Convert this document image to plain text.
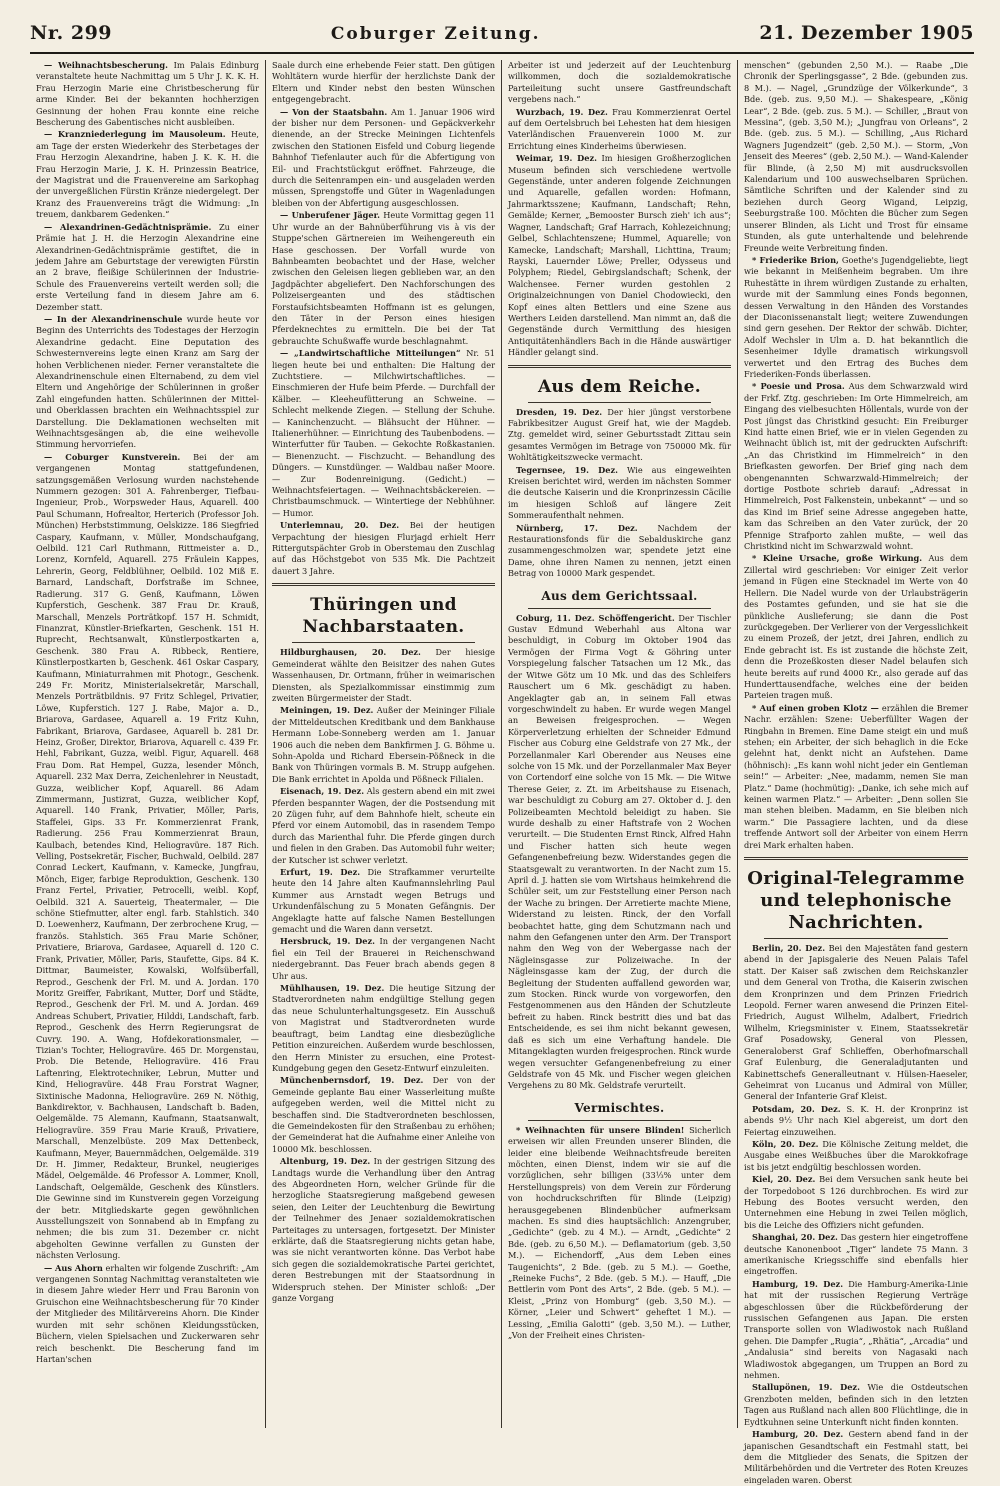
Nr. 299	Coburger Zeitung.	21. Dezember 1905

— Weihnachtsbescherung. Im Palais Edinburg veranstaltete heute Nachmittag um 5 Uhr J. K. K. H. Frau Herzogin Marie eine Christbescherung für arme Kinder. Bei der bekannten hochherzigen Gesinnung der hohen Frau konnte eine reiche Bescherung des Gabentisches nicht ausbleiben.

— Kranzniederlegung im Mausoleum. Heute, am Tage der ersten Wiederkehr des Sterbetages der Frau Herzogin Alexandrine, haben J. K. K. H. die Frau Herzogin Marie, J. K. H. Prinzessin Beatrice, der Magistrat und die Frauenvereine am Sarkophag der unvergeßlichen Fürstin Kränze niedergelegt. Der Kranz des Frauenvereins trägt die Widmung: „In treuem, dankbarem Gedenken.“

— Alexandrinen-Gedächtnisprämie. Zu einer Prämie hat J. H. die Herzogin Alexandrine eine Alexandrinen-Gedächtnisprämie gestiftet, die in jedem Jahre am Geburtstage der verewigten Fürstin an 2 brave, fleißige Schülerinnen der Industrie-Schule des Frauenvereins verteilt werden soll; die erste Verteilung fand in diesem Jahre am 6. Dezember statt.

— In der Alexandrinenschule wurde heute vor Beginn des Unterrichts des Todestages der Herzogin Alexandrine gedacht. Eine Deputation des Schwesternvereins legte einen Kranz am Sarg der hohen Verblichenen nieder. Ferner veranstaltete die Alexandrinenschule einen Elternabend, zu dem viel Eltern und Angehörige der Schülerinnen in großer Zahl eingefunden hatten. Schülerinnen der Mittel- und Oberklassen brachten ein Weihnachtsspiel zur Darstellung. Die Deklamationen wechselten mit Weihnachtsgesängen ab, die eine weihevolle Stimmung hervorriefen.

— Coburger Kunstverein. Bei der am vergangenen Montag stattgefundenen, satzungsgemäßen Verlosung wurden nachstehende Nummern gezogen: 301 A. Fahrenberger, Tiefbau-Ingenieur, Prob., Worpsweder Haus, Aquarell. 400 Paul Schumann, Hofrealtor, Herterich (Professor Joh. München) Herbststimmung, Oelskizze. 186 Siegfried Caspary, Kaufmann, v. Müller, Mondschaufgang, Oelbild. 121 Carl Ruthmann, Rittmeister a. D., Lorenz, Kornfeld, Aquarell. 275 Fräulein Kappes, Lehrerin, Georg, Feldblühner, Oelbild. 102 Miß E. Barnard, Landschaft, Dorfstraße im Schnee, Radierung. 317 G. Genß, Kaufmann, Löwen Kupferstich, Geschenk. 387 Frau Dr. Krauß, Marschall, Menzels Porträtkopf. 157 H. Schmidt, Finanzrat, Künstler-Briefkarten, Geschenk. 151 H. Ruprecht, Rechtsanwalt, Künstlerpostkarten a, Geschenk. 380 Frau A. Ribbeck, Rentiere, Künstlerpostkarten b, Geschenk. 461 Oskar Caspary, Kaufmann, Miniaturrahmen mit Photogr., Geschenk. 249 Fr. Moritz, Ministerialsekretär, Marschall, Menzels Porträtbildnis. 97 Fritz Schlegel, Privatier, Löwe, Kupferstich. 127 J. Rabe, Major a. D., Briarova, Gardasee, Aquarell a. 19 Fritz Kuhn, Fabrikant, Briarova, Gardasee, Aquarell b. 281 Dr. Heinz, Großer, Direktor, Briarova, Aquarell c. 439 Fr. Hehl, Fabrikant, Guzza, weibl. Figur, Aquarell. 468 Frau Dom. Rat Hempel, Guzza, lesender Mönch, Aquarell. 232 Max Derra, Zeichenlehrer in Neustadt, Guzza, weiblicher Kopf, Aquarell. 86 Adam Zimmermann, Justizrat, Guzza, weiblicher Kopf, Aquarell. 140 Frank, Privatier, Möller, Paris, Staffelei, Gips. 33 Fr. Kommerzienrat Frank, Radierung. 256 Frau Kommerzienrat Braun, Kaulbach, betendes Kind, Heliogravüre. 187 Rich. Velling, Postsekretär, Fischer, Buchwald, Oelbild. 287 Conrad Leckert, Kaufmann, v. Kamecke, Jungfrau, Mönch, Eiger, farbige Reproduktion, Geschenk. 130 Franz Fertel, Privatier, Petrocelli, weibl. Kopf, Oelbild. 321 A. Sauerteig, Theatermaler, — Die schöne Stiefmutter, alter engl. farb. Stahlstich. 340 D. Loewenherz, Kaufmann, Der zerbrochene Krug, — französ. Stahlstich. 365 Frau Marie Schöner, Privatiere, Briarova, Gardasee, Aquarell d. 120 C. Frank, Privatier, Möller, Paris, Staufette, Gips. 84 K. Dittmar, Baumeister, Kowalski, Wolfsüberfall, Reprod., Geschenk der Frl. M. und A. Jordan. 170 Moritz Greiffer, Fabrikant, Mutter, Dorf und Städte, Reprod., Geschenk der Frl. M. und A. Jordan. 469 Andreas Schubert, Privatier, Hilddi, Landschaft, farb. Reprod., Geschenk des Herrn Regierungsrat de Cuvry. 190. A. Wang, Hofdekorationsmaler, — Tizian's Tochter, Heliogravüre. 465 Dr. Morgenstau, Prob. Die Betende, Heliogravüre. 416 Frau Laftenring, Elektrotechniker, Lebrun, Mutter und Kind, Heliogravüre. 448 Frau Forstrat Wagner, Sixtinische Madonna, Heliogravüre. 269 N. Nöthig, Bankdirektor, v. Bachhausen, Landschaft b. Baden, Oelgemälde. 75 Alemann, Kaufmann, Staatsanwalt, Heliogravüre. 359 Frau Marie Krauß, Privatiere, Marschall, Menzelbüste. 209 Max Dettenbeck, Kaufmann, Meyer, Bauernmädchen, Oelgemälde. 319 Dr. H. Jimmer, Redakteur, Brunkel, neugieriges Mädel, Oelgemälde. 46 Professor A. Lommer, Knoll, Landschaft, Oelgemälde, Geschenk des Künstlers. Die Gewinne sind im Kunstverein gegen Vorzeigung der betr. Mitgliedskarte gegen gewöhnlichen Ausstellungszeit von Sonnabend ab in Empfang zu nehmen; die bis zum 31. Dezember cr. nicht abgeholten Gewinne verfallen zu Gunsten der nächsten Verlosung.

— Aus Ahorn erhalten wir folgende Zuschrift: „Am vergangenen Sonntag Nachmittag veranstalteten wie in diesem Jahre wieder Herr und Frau Baronin von Gruischon eine Weihnachtsbescherung für 70 Kinder der Mitglieder des Militärvereins Ahorn. Die Kinder wurden mit sehr schönen Kleidungsstücken, Büchern, vielen Spielsachen und Zuckerwaren sehr reich beschenkt. Die Bescherung fand im Hartan'schen

Saale durch eine erhebende Feier statt. Den gütigen Wohltätern wurde hierfür der herzlichste Dank der Eltern und Kinder nebst den besten Wünschen entgegengebracht.

— Von der Staatsbahn. Am 1. Januar 1906 wird der bisher nur dem Personen- und Gepäckverkehr dienende, an der Strecke Meiningen Lichtenfels zwischen den Stationen Eisfeld und Coburg liegende Bahnhof Tiefenlauter auch für die Abfertigung von Eil- und Frachtstückgut eröffnet. Fahrzeuge, die durch die Seitenrampen ein- und ausgeladen werden müssen, Sprengstoffe und Güter in Wagenladungen bleiben von der Abfertigung ausgeschlossen.

— Unberufener Jäger. Heute Vormittag gegen 11 Uhr wurde an der Bahnüberführung vis à vis der Stuppe'schen Gärtnereien im Weihengereuth ein Hase geschossen. Der Vorfall wurde von Bahnbeamten beobachtet und der Hase, welcher zwischen den Geleisen liegen geblieben war, an den Jagdpächter abgeliefert. Den Nachforschungen des Polizeisergeanten und des städtischen Forstaufsichtsbeamten Hoffmann ist es gelungen, den Täter in der Person eines hiesigen Pferdeknechtes zu ermitteln. Die bei der Tat gebrauchte Schußwaffe wurde beschlagnahmt.

— „Landwirtschaftliche Mitteilungen“ Nr. 51 liegen heute bei und enthalten: Die Haltung der Zuchtstiere. — Milchwirtschaftliches. — Einschmieren der Hufe beim Pferde. — Durchfall der Kälber. — Kleeheufütterung an Schweine. — Schlecht melkende Ziegen. — Stellung der Schuhe. — Kaninchenzucht. — Blähsucht der Hühner. — Italienerhühner. — Einrichtung des Taubenbodens. — Winterfutter für Tauben. — Gekochte Roßkastanien. — Bienenzucht. — Fischzucht. — Behandlung des Düngers. — Kunstdünger. — Waldbau naßer Moore. — Zur Bodenreinigung. (Gedicht.) — Weihnachtsfeiertagen. — Weihnachtsbäckereien. — Christbaumschmuck. — Wintertiege der Nebhühner. — Humor.

Unterlemnau, 20. Dez. Bei der heutigen Verpachtung der hiesigen Flurjagd erhielt Herr Rittergutspächter Grob in Oberstemau den Zuschlag auf das Höchstgebot von 535 Mk. Die Pachtzeit dauert 3 Jahre.

Thüringen und Nachbarstaaten.

Hildburghausen, 20. Dez. Der hiesige Gemeinderat wählte den Beisitzer des nahen Gutes Wassenhausen, Dr. Ortmann, früher in weimarischen Diensten, als Spezialkommissar einstimmig zum zweiten Bürgermeister der Stadt.

Meiningen, 19. Dez. Außer der Meininger Filiale der Mitteldeutschen Kreditbank und dem Bankhause Hermann Lobe-Sonneberg werden am 1. Januar 1906 auch die neben dem Bankfirmen J. G. Böhme u. Sohn-Apolda und Richard Ebersein-Pößneck in die Bank von Thüringen vormals B. M. Strupp aufgehen. Die Bank errichtet in Apolda und Pößneck Filialen.

Eisenach, 19. Dez. Als gestern abend ein mit zwei Pferden bespannter Wagen, der die Postsendung mit 20 Zügen fuhr, auf dem Bahnhofe hielt, scheute ein Pferd vor einem Automobil, das in rasendem Tempo durch das Marienthal fuhr. Die Pferde gingen durch und fielen in den Graben. Das Automobil fuhr weiter; der Kutscher ist schwer verletzt.

Erfurt, 19. Dez. Die Strafkammer verurteilte heute den 14 Jahre alten Kaufmannslehrling Paul Kummer aus Arnstadt wegen Betrugs und Urkundenfälschung zu 5 Monaten Gefängnis. Der Angeklagte hatte auf falsche Namen Bestellungen gemacht und die Waren dann versetzt.

Hersbruck, 19. Dez. In der vergangenen Nacht fiel ein Teil der Brauerei in Reichenschwand niedergebrannt. Das Feuer brach abends gegen 8 Uhr aus.

Mühlhausen, 19. Dez. Die heutige Sitzung der Stadtverordneten nahm endgültige Stellung gegen das neue Schulunterhaltungsgesetz. Ein Ausschuß von Magistrat und Stadtverordneten wurde beauftragt, beim Landtag eine diesbezügliche Petition einzureichen. Außerdem wurde beschlossen, den Herrn Minister zu ersuchen, eine Protest-Kundgebung gegen den Gesetz-Entwurf einzuleiten.

Münchenbernsdorf, 19. Dez. Der von der Gemeinde geplante Bau einer Wasserleitung mußte aufgegeben werden, weil die Mittel nicht zu beschaffen sind. Die Stadtverordneten beschlossen, die Gemeindekosten für den Straßenbau zu erhöhen; der Gemeinderat hat die Aufnahme einer Anleihe von 10000 Mk. beschlossen.

Altenburg, 19. Dez. In der gestrigen Sitzung des Landtags wurde die Verhandlung über den Antrag des Abgeordneten Horn, welcher Gründe für die herzogliche Staatsregierung maßgebend gewesen seien, den Leiter der Leuchtenburg die Bewirtung der Teilnehmer des Jenaer sozialdemokratischen Parteitages zu untersagen, fortgesetzt. Der Minister erklärte, daß die Staatsregierung nichts getan habe, was sie nicht verantworten könne. Das Verbot habe sich gegen die sozialdemokratische Partei gerichtet, deren Bestrebungen mit der Staatsordnung in Widerspruch stehen. Der Minister schloß: „Der ganze Vorgang

Arbeiter ist und jederzeit auf der Leuchtenburg willkommen, doch die sozialdemokratische Parteileitung sucht unsere Gastfreundschaft vergebens nach.“

Wurzbach, 19. Dez. Frau Kommerzienrat Oertel auf dem Oertelsbruch bei Lehesten hat dem hiesigen Vaterländischen Frauenverein 1000 M. zur Errichtung eines Kinderheims überwiesen.

Weimar, 19. Dez. Im hiesigen Großherzoglichen Museum befinden sich verschiedene wertvolle Gegenstände, unter anderen folgende Zeichnungen und Aquarelle, gefallen worden: Hofmann, Jahrmarktsszene; Kaufmann, Landschaft; Rehn, Gemälde; Kerner, „Bemooster Bursch zieh' ich aus“; Wagner, Landschaft; Graf Harrach, Kohlezeichnung; Gelbel, Schlachtenszene; Hummel, Aquarelle; von Kamecke, Landschaft; Marshall, Lichttina, Traum; Rayski, Lauernder Löwe; Preller, Odysseus und Polyphem; Riedel, Gebirgslandschaft; Schenk, der Walchensee. Ferner wurden gestohlen 2 Originalzeichnungen von Daniel Chodowiecki, den Kopf eines alten Bettlers und eine Szene aus Werthers Leiden darstellend. Man nimmt an, daß die Gegenstände durch Vermittlung des hiesigen Antiquitätenhändlers Bach in die Hände auswärtiger Händler gelangt sind.

Aus dem Reiche.

Dresden, 19. Dez. Der hier jüngst verstorbene Fabrikbesitzer August Greif hat, wie der Magdeb. Ztg. gemeldet wird, seiner Geburtsstadt Zittau sein gesamtes Vermögen im Betrage von 750000 Mk. für Wohltätigkeitszwecke vermacht.

Tegernsee, 19. Dez. Wie aus eingeweihten Kreisen berichtet wird, werden im nächsten Sommer die deutsche Kaiserin und die Kronprinzessin Cäcilie im hiesigen Schloß auf längere Zeit Sommeraufenthalt nehmen.

Nürnberg, 17. Dez. Nachdem der Restaurationsfonds für die Sebalduskirche ganz zusammengeschmolzen war, spendete jetzt eine Dame, ohne ihren Namen zu nennen, jetzt einen Betrag von 10000 Mark gespendet.

Aus dem Gerichtssaal.

Coburg, 11. Dez. Schöffengericht. Der Tischler Gustav Edmund Weberhahl aus Altona war beschuldigt, in Coburg im Oktober 1904 das Vermögen der Firma Vogt & Göhring unter Vorspiegelung falscher Tatsachen um 12 Mk., das der Witwe Götz um 10 Mk. und das des Schleifers Rauschert um 6 Mk. geschädigt zu haben. Angeklagter gab an, in seinem Fall etwas vorgeschwindelt zu haben. Er wurde wegen Mangel an Beweisen freigesprochen. — Wegen Körperverletzung erhielten der Schneider Edmund Fischer aus Coburg eine Geldstrafe von 27 Mk., der Porzellanmaler Karl Oberender aus Neuses eine solche von 15 Mk. und der Porzellanmaler Max Beyer von Cortendorf eine solche von 15 Mk. — Die Witwe Therese Geier, z. Zt. im Arbeitshause zu Eisenach, war beschuldigt zu Coburg am 27. Oktober d. J. den Polizeibeamten Mechtold beleidigt zu haben. Sie wurde deshalb zu einer Haftstrafe von 2 Wochen verurteilt. — Die Studenten Ernst Rinck, Alfred Hahn und Fischer hatten sich heute wegen Gefangenenbefreiung bezw. Widerstandes gegen die Staatsgewalt zu verantworten. In der Nacht zum 15. April d. J. hatten sie vom Wirtshaus heimkehrend die Schüler seit, um zur Feststellung einer Person nach der Wache zu bringen. Der Arretierte machte Miene, Widerstand zu leisten. Rinck, der den Vorfall beobachtet hatte, ging dem Schutzmann nach und nahm den Gefangenen unter den Arm. Der Transport nahm den Weg von der Webergasse nach der Nägleinsgasse zur Polizeiwache. In der Nägleinsgasse kam der Zug, der durch die Begleitung der Studenten auffallend geworden war, zum Stocken. Rinck wurde von vorgeworfen, den Festgenommenen aus den Händen der Schutzleute befreit zu haben. Rinck bestritt dies und bat das Entscheidende, es sei ihm nicht bekannt gewesen, daß es sich um eine Verhaftung handele. Die Mitangeklagten wurden freigesprochen. Rinck wurde wegen versuchter Gefangenenbefreiung zu einer Geldstrafe von 45 Mk. und Fischer wegen gleichen Vergehens zu 80 Mk. Geldstrafe verurteilt.

Vermischtes.

* Weihnachten für unsere Blinden! Sicherlich erweisen wir allen Freunden unserer Blinden, die leider eine bleibende Weihnachtsfreude bereiten möchten, einen Dienst, indem wir sie auf die vorzüglichen, sehr billigen (33⅓% unter dem Herstellungspreis) von dem Verein zur Förderung von hochdruckschriften für Blinde (Leipzig) herausgegebenen Blindenbücher aufmerksam machen. Es sind dies hauptsächlich: Anzengruber, „Gedichte“ (geb. zu 4 M.). — Arndt, „Gedichte“ 2 Bde. (geb. zu 6,50 M.). — Deflamatorium (geb. 3,50 M.). — Eichendorff, „Aus dem Leben eines Taugenichts“, 2 Bde. (geb. zu 5 M.). — Goethe, „Reineke Fuchs“, 2 Bde. (geb. 5 M.). — Hauff, „Die Bettlerin vom Pont des Arts“, 2 Bde. (geb. 5 M.). — Kleist, „Prinz von Homburg“ (geb. 3,50 M.). — Körner, „Leier und Schwert“ geheftet 1 M.). — Lessing, „Emilia Galotti“ (geb. 3,50 M.). — Luther, „Von der Freiheit eines Christen-

menschen“ (gebunden 2,50 M.). — Raabe „Die Chronik der Sperlingsgasse“, 2 Bde. (gebunden zus. 8 M.). — Nagel, „Grundzüge der Völkerkunde“, 3 Bde. (geb. zus. 9,50 M.). — Shakespeare, „König Lear“, 2 Bde. (geb. zus. 5 M.). — Schiller, „Braut von Messina“, (geb. 3,50 M.); „Jungfrau von Orleans“, 2 Bde. (geb. zus. 5 M.). — Schilling, „Aus Richard Wagners Jugendzeit“ (geb. 2,50 M.). — Storm, „Von Jenseit des Meeres“ (geb. 2,50 M.). — Wand-Kalender für Blinde, (à 2,50 M) mit ausdrucksvollen Kalendarium und 100 auswechselbaren Sprüchen. Sämtliche Schriften und der Kalender sind zu beziehen durch Georg Wigand, Leipzig, Seeburgstraße 100. Möchten die Bücher zum Segen unserer Blinden, als Licht und Trost für einsame Stunden, als gute unterhaltende und belehrende Freunde weite Verbreitung finden.

* Friederike Brion, Goethe's Jugendgeliebte, liegt wie bekannt in Meißenheim begraben. Um ihre Ruhestätte in ihrem würdigen Zustande zu erhalten, wurde mit der Sammlung eines Fonds begonnen, dessen Verwaltung in den Händen des Vorstandes der Diaconissenanstalt liegt; weitere Zuwendungen sind gern gesehen. Der Rektor der schwäb. Dichter, Adolf Wechsler in Ulm a. D. hat bekanntlich die Sesenheimer Idylle dramatisch wirkungsvoll verwertet und den Ertrag des Buches dem Friederiken-Fonds überlassen.

* Poesie und Prosa. Aus dem Schwarzwald wird der Frkf. Ztg. geschrieben: Im Orte Himmelreich, am Eingang des vielbesuchten Höllentals, wurde von der Post jüngst das Christkind gesucht: Ein Freiburger Kind hatte einen Brief, wie er in vielen Gegenden zu Weihnacht üblich ist, mit der gedruckten Aufschrift: „An das Christkind im Himmelreich“ in den Briefkasten geworfen. Der Brief ging nach dem obengenannten Schwarzwald-Himmelreich; der dortige Postbote schrieb darauf: „Adressat in Himmelreich, Post Falkenstein, unbekannt“ — und so das Kind im Brief seine Adresse angegeben hatte, kam das Schreiben an den Vater zurück, der 20 Pfennige Strafporto zahlen mußte, — weil das Christkind nicht im Schwarzwald wohnt.

* Kleine Ursache, große Wirkung. Aus dem Zillertal wird geschrieben: Vor einiger Zeit verlor jemand in Fügen eine Stecknadel im Werte von 40 Hellern. Die Nadel wurde von der Urlaubsträgerin des Postamtes gefunden, und sie hat sie die pünkliche Auslieferung; sie dann die Post zurückgegeben. Der Verlierer von der Vergesslichkeit zu einem Prozeß, der jetzt, drei Jahren, endlich zu Ende gebracht ist. Es ist zustande die höchste Zeit, denn die Prozeßkosten dieser Nadel belaufen sich heute bereits auf rund 4000 Kr., also gerade auf das Hunderttausendfache, welches eine der beiden Parteien tragen muß.

* Auf einen groben Klotz — erzählen die Bremer Nachr. erzählen: Szene: Ueberfüllter Wagen der Ringbahn in Bremen. Eine Dame steigt ein und muß stehen; ein Arbeiter, der sich behaglich in die Ecke gelehnt hat, denkt nicht an Aufstehen. Dame (höhnisch): „Es kann wohl nicht jeder ein Gentleman sein!“ — Arbeiter: „Nee, madamm, nemen Sie man Platz.“ Dame (hochmütig): „Danke, ich sehe mich auf keinen warmen Platz.“ — Arbeiter: „Denn sollen Sie man stehen bleiben. Madamm, en Sie bleiben nich warm.“ Die Passagiere lachten, und da diese treffende Antwort soll der Arbeiter von einem Herrn drei Mark erhalten haben.

Original-Telegramme und telephonische Nachrichten.

Berlin, 20. Dez. Bei den Majestäten fand gestern abend in der Japisgalerie des Neuen Palais Tafel statt. Der Kaiser saß zwischen dem Reichskanzler und dem General von Trotha, die Kaiserin zwischen dem Kronprinzen und dem Prinzen Friedrich Leopold. Ferner waren anwesend die Prinzen Eitel-Friedrich, August Wilhelm, Adalbert, Friedrich Wilhelm, Kriegsminister v. Einem, Staatssekretär Graf Posadowsky, General von Plessen, Generaloberst Graf Schlieffen, Oberhofmarschall Graf Eulenburg, die Generaladjutanten und Kabinettschefs Generalleutnant v. Hülsen-Haeseler, Geheimrat von Lucanus und Admiral von Müller, General der Infanterie Graf Kleist.

Potsdam, 20. Dez. S. K. H. der Kronprinz ist abends 9½ Uhr nach Kiel abgereist, um dort den Feiertag einzuweihen.

Köln, 20. Dez. Die Kölnische Zeitung meldet, die Ausgabe eines Weißbuches über die Marokkofrage ist bis jetzt endgültig beschlossen worden.

Kiel, 20. Dez. Bei dem Versuchen sank heute bei der Torpedoboot S 126 durchbrochen. Es wird zur Hebung des Bootes versucht werden, den Unternehmen eine Hebung in zwei Teilen möglich, bis die Leiche des Offiziers nicht gefunden.

Shanghai, 20. Dez. Das gestern hier eingetroffene deutsche Kanonenboot „Tiger“ landete 75 Mann. 3 amerikanische Kriegsschiffe sind ebenfalls hier eingetroffen.

Hamburg, 19. Dez. Die Hamburg-Amerika-Linie hat mit der russischen Regierung Verträge abgeschlossen über die Rückbeförderung der russischen Gefangenen aus Japan. Die ersten Transporte sollen von Wladiwostok nach Rußland gehen. Die Dampfer „Rugia“, „Rhätia“, „Arcadia“ und „Andalusia“ sind bereits von Nagasaki nach Wladiwostok abgegangen, um Truppen an Bord zu nehmen.

Stallupönen, 19. Dez. Wie die Ostdeutschen Grenzboten melden, befinden sich in den letzten Tagen aus Rußland nach allen 800 Flüchtlinge, die in Eydtkuhnen seine Unterkunft nicht finden konnten.

Hamburg, 20. Dez. Gestern abend fand in der japanischen Gesandtschaft ein Festmahl statt, bei dem die Mitglieder des Senats, die Spitzen der Militärbehörden und die Vertreter des Roten Kreuzes eingeladen waren. Oberst
